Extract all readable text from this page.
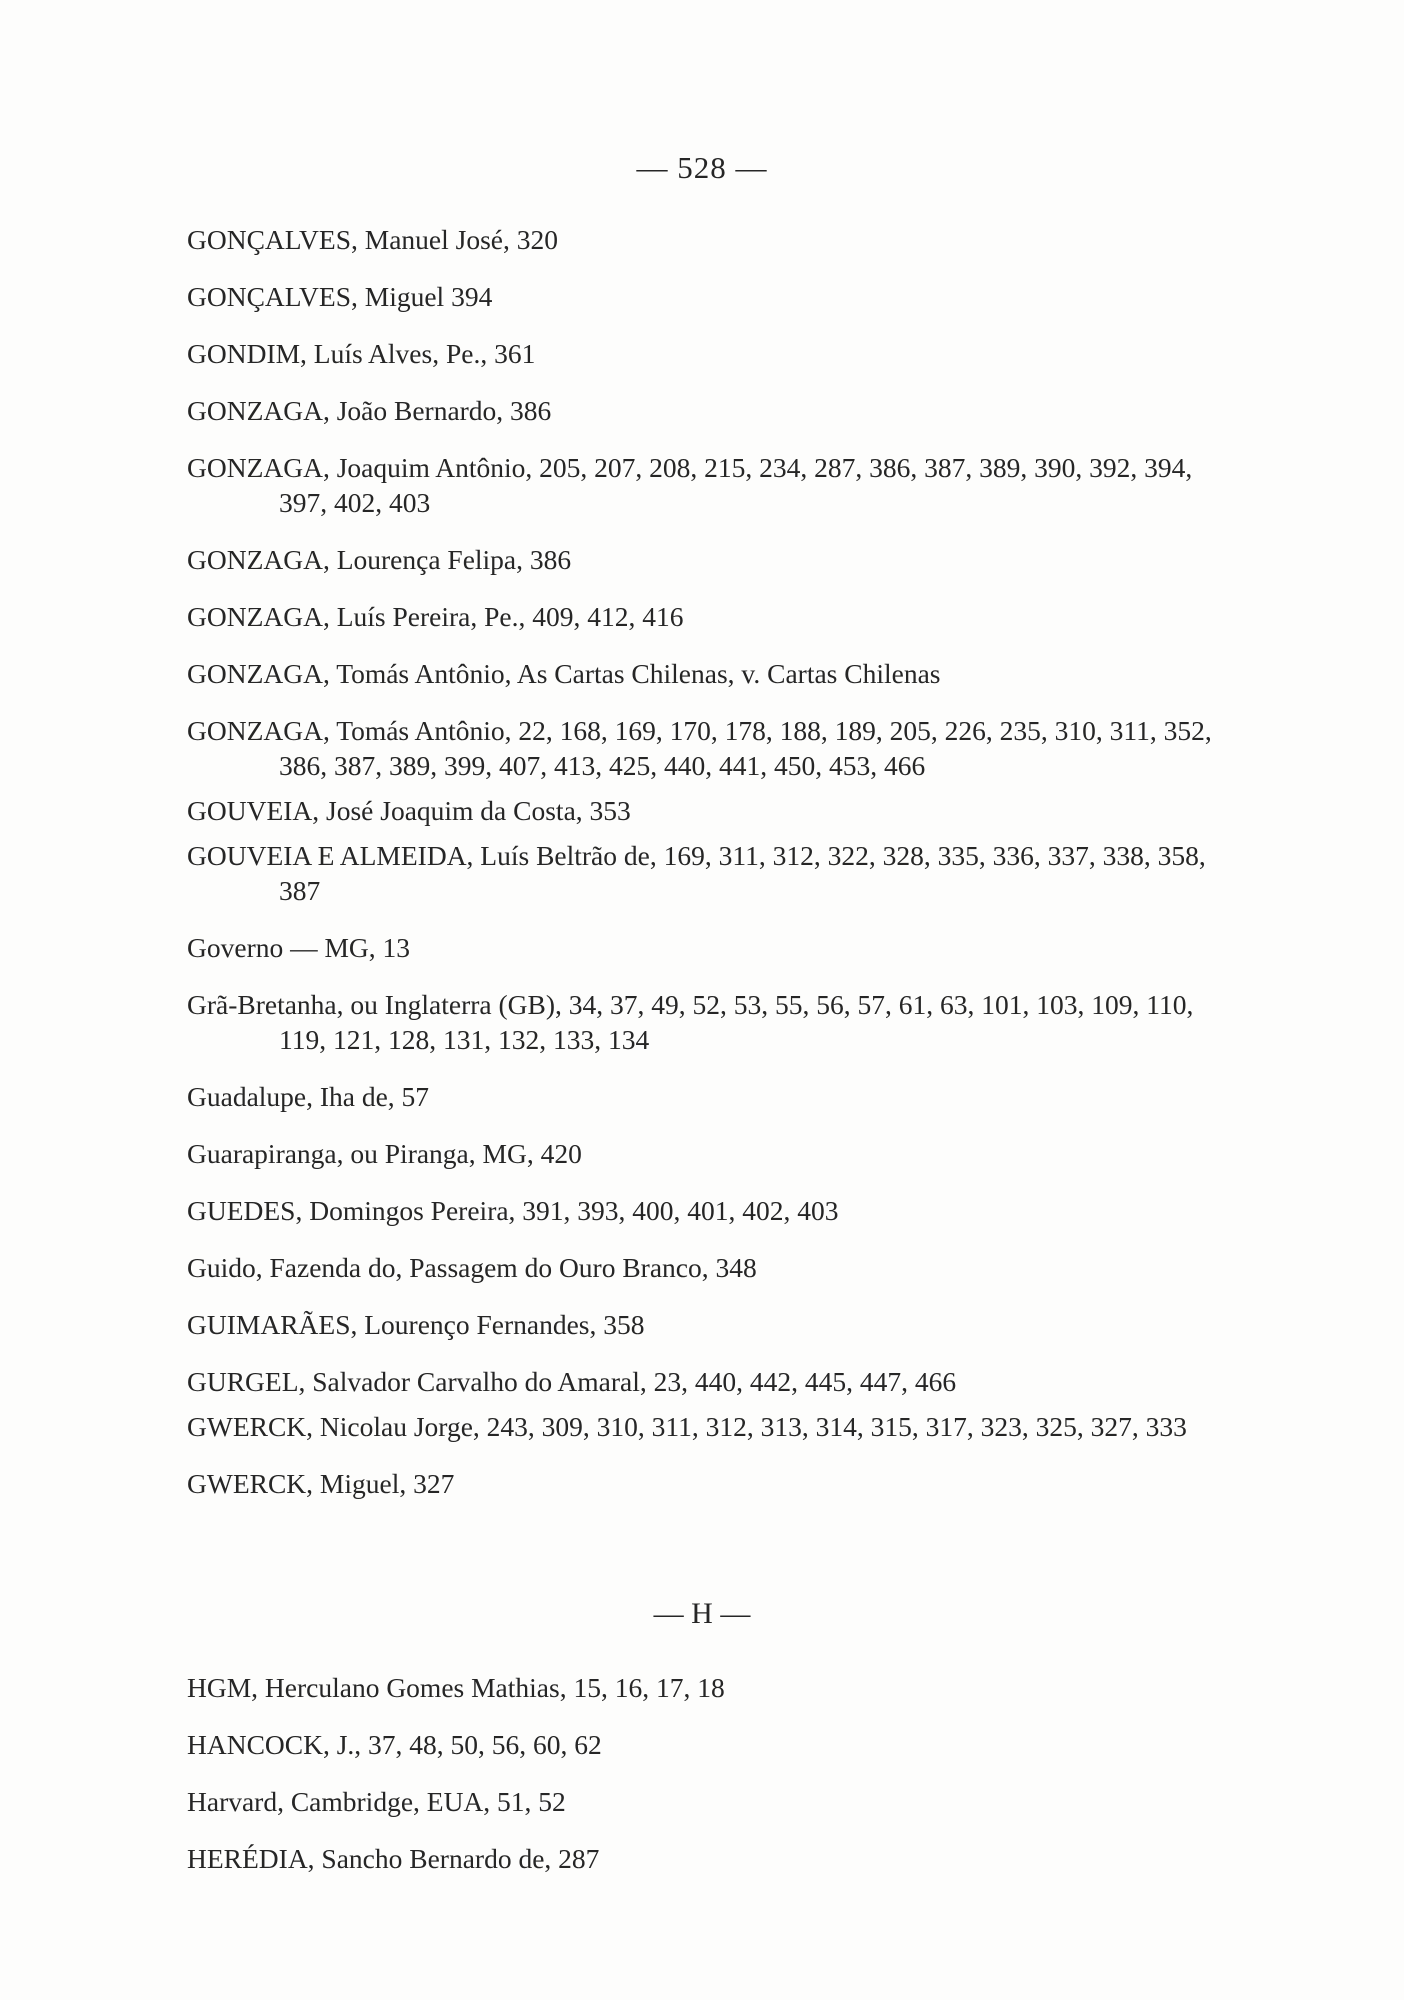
— 528 —

GONÇALVES, Manuel José, 320

GONÇALVES, Miguel 394

GONDIM, Luís Alves, Pe., 361

GONZAGA, João Bernardo, 386

GONZAGA, Joaquim Antônio, 205, 207, 208, 215, 234, 287, 386, 387, 389, 390, 392, 394, 397, 402, 403

GONZAGA, Lourença Felipa, 386

GONZAGA, Luís Pereira, Pe., 409, 412, 416

GONZAGA, Tomás Antônio, As Cartas Chilenas, v. Cartas Chilenas

GONZAGA, Tomás Antônio, 22, 168, 169, 170, 178, 188, 189, 205, 226, 235, 310, 311, 352, 386, 387, 389, 399, 407, 413, 425, 440, 441, 450, 453, 466

GOUVEIA, José Joaquim da Costa, 353

GOUVEIA E ALMEIDA, Luís Beltrão de, 169, 311, 312, 322, 328, 335, 336, 337, 338, 358, 387

Governo — MG, 13

Grã-Bretanha, ou Inglaterra (GB), 34, 37, 49, 52, 53, 55, 56, 57, 61, 63, 101, 103, 109, 110, 119, 121, 128, 131, 132, 133, 134

Guadalupe, Iha de, 57

Guarapiranga, ou Piranga, MG, 420

GUEDES, Domingos Pereira, 391, 393, 400, 401, 402, 403

Guido, Fazenda do, Passagem do Ouro Branco, 348

GUIMARÃES, Lourenço Fernandes, 358

GURGEL, Salvador Carvalho do Amaral, 23, 440, 442, 445, 447, 466

GWERCK, Nicolau Jorge, 243, 309, 310, 311, 312, 313, 314, 315, 317, 323, 325, 327, 333

GWERCK, Miguel, 327

— H —

HGM, Herculano Gomes Mathias, 15, 16, 17, 18

HANCOCK, J., 37, 48, 50, 56, 60, 62

Harvard, Cambridge, EUA, 51, 52

HERÉDIA, Sancho Bernardo de, 287
